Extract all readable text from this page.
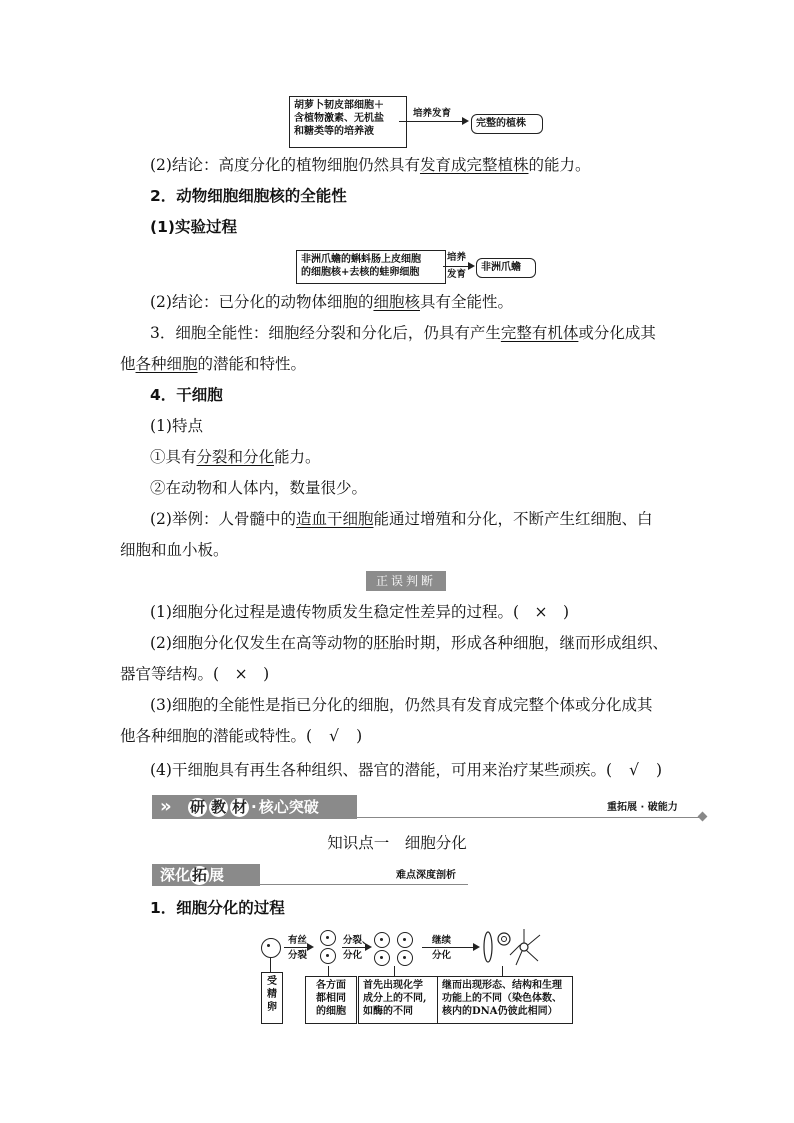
胡萝卜韧皮部细胞＋
含植物激素、无机盐
和糖类等的培养液
培养发育
完整的植株
(2)结论：高度分化的植物细胞仍然具有发育成完整植株的能力。
2．动物细胞细胞核的全能性
(1)实验过程
非洲爪蟾的蝌蚪肠上皮细胞
的细胞核+去核的蛙卵细胞
培养
发育
非洲爪蟾
(2)结论：已分化的动物体细胞的细胞核具有全能性。
3．细胞全能性：细胞经分裂和分化后，仍具有产生完整有机体或分化成其
他各种细胞的潜能和特性。
4．干细胞
(1)特点
①具有分裂和分化能力。
②在动物和人体内，数量很少。
(2)举例：人骨髓中的造血干细胞能通过增殖和分化，不断产生红细胞、白
细胞和血小板。
正误判断
(1)细胞分化过程是遗传物质发生稳定性差异的过程。( × )
(2)细胞分化仅发生在高等动物的胚胎时期，形成各种细胞，继而形成组织、
器官等结构。( × )
(3)细胞的全能性是指已分化的细胞，仍然具有发育成完整个体或分化成其
他各种细胞的潜能或特性。( √ )
(4)干细胞具有再生各种组织、器官的潜能，可用来治疗某些顽疾。( √ )
» 研 教 材 · 核心突破	重拓展 · 破能力
知识点一　细胞分化
深化 拓 展	难点深度剖析
1．细胞分化的过程
有丝
分裂
分裂、
分化
继续
分化
受
精
卵
各方面
都相同
的细胞
首先出现化学
成分上的不同,
如酶的不同
继而出现形态、结构和生理
功能上的不同（染色体数、
核内的DNA仍彼此相同）
